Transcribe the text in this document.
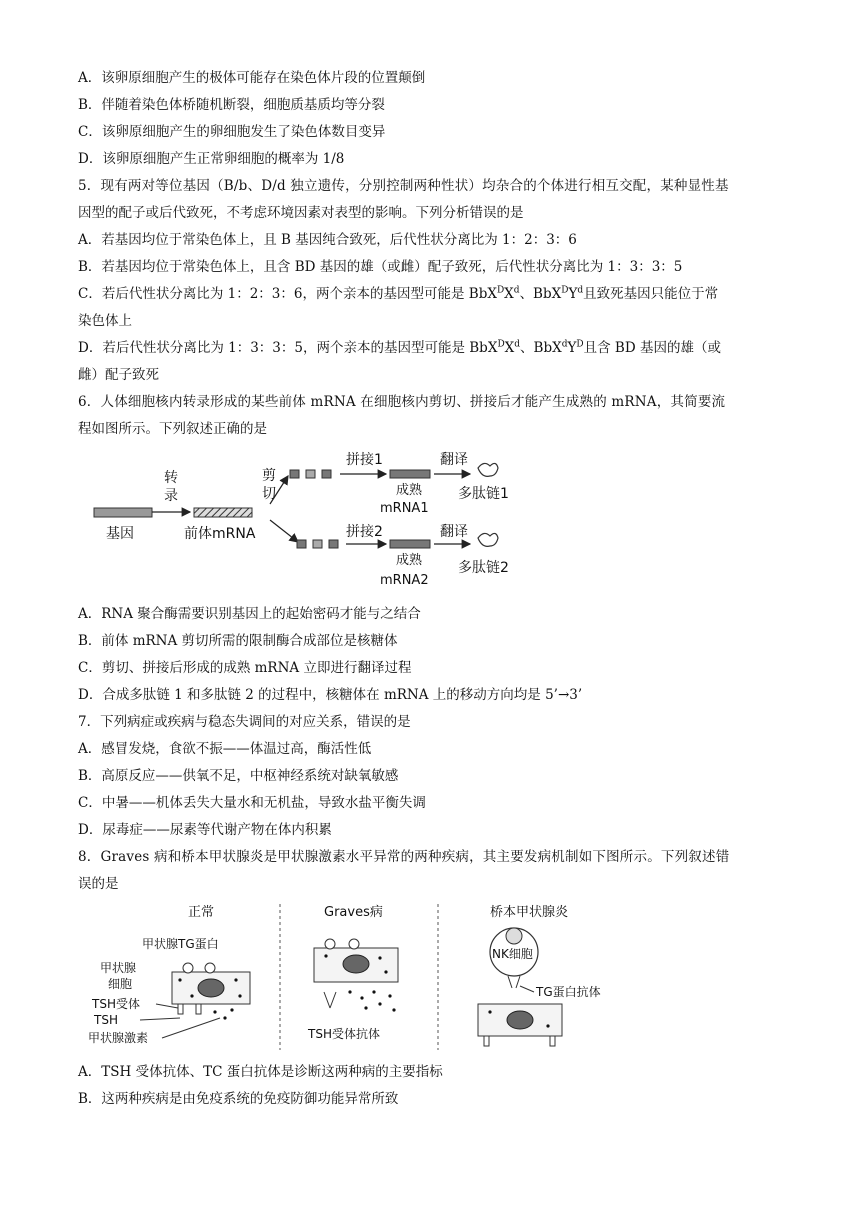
A．该卵原细胞产生的极体可能存在染色体片段的位置颠倒
B．伴随着染色体桥随机断裂，细胞质基质均等分裂
C．该卵原细胞产生的卵细胞发生了染色体数目变异
D．该卵原细胞产生正常卵细胞的概率为 1/8
5．现有两对等位基因（B/b、D/d 独立遗传，分别控制两种性状）均杂合的个体进行相互交配，某种显性基
因型的配子或后代致死，不考虑环境因素对表型的影响。下列分析错误的是
A．若基因均位于常染色体上，且 B 基因纯合致死，后代性状分离比为 1：2：3：6
B．若基因均位于常染色体上，且含 BD 基因的雄（或雌）配子致死，后代性状分离比为 1：3：3：5
C．若后代性状分离比为 1：2：3：6，两个亲本的基因型可能是 $BbX^DX^d$、$BbX^DY^d$且致死基因只能位于常
染色体上
D．若后代性状分离比为 1：3：3：5，两个亲本的基因型可能是 $BbX^DX^d$、$BbX^dY^D$且含 BD 基因的雄（或
雌）配子致死
6．人体细胞核内转录形成的某些前体 mRNA 在细胞核内剪切、拼接后才能产生成熟的 mRNA，其简要流
程如图所示。下列叙述正确的是
基因
转
录
前体mRNA
剪
切
拼接1
拼接2
成熟
mRNA1
成熟
mRNA2
翻译
翻译
多肽链1
多肽链2
A．RNA 聚合酶需要识别基因上的起始密码才能与之结合
B．前体 mRNA 剪切所需的限制酶合成部位是核糖体
C．剪切、拼接后形成的成熟 mRNA 立即进行翻译过程
D．合成多肽链 1 和多肽链 2 的过程中，核糖体在 mRNA 上的移动方向均是 5’→3’
7．下列病症或疾病与稳态失调间的对应关系，错误的是
A．感冒发烧，食欲不振——体温过高，酶活性低
B．高原反应——供氧不足，中枢神经系统对缺氧敏感
C．中暑——机体丢失大量水和无机盐，导致水盐平衡失调
D．尿毒症——尿素等代谢产物在体内积累
8．Graves 病和桥本甲状腺炎是甲状腺激素水平异常的两种疾病，其主要发病机制如下图所示。下列叙述错
误的是
正常
甲状腺TG蛋白
甲状腺
细胞
TSH受体
TSH
甲状腺激素
Graves病
TSH受体抗体
桥本甲状腺炎
NK细胞
TG蛋白抗体
A．TSH 受体抗体、TC 蛋白抗体是诊断这两种病的主要指标
B．这两种疾病是由免疫系统的免疫防御功能异常所致
